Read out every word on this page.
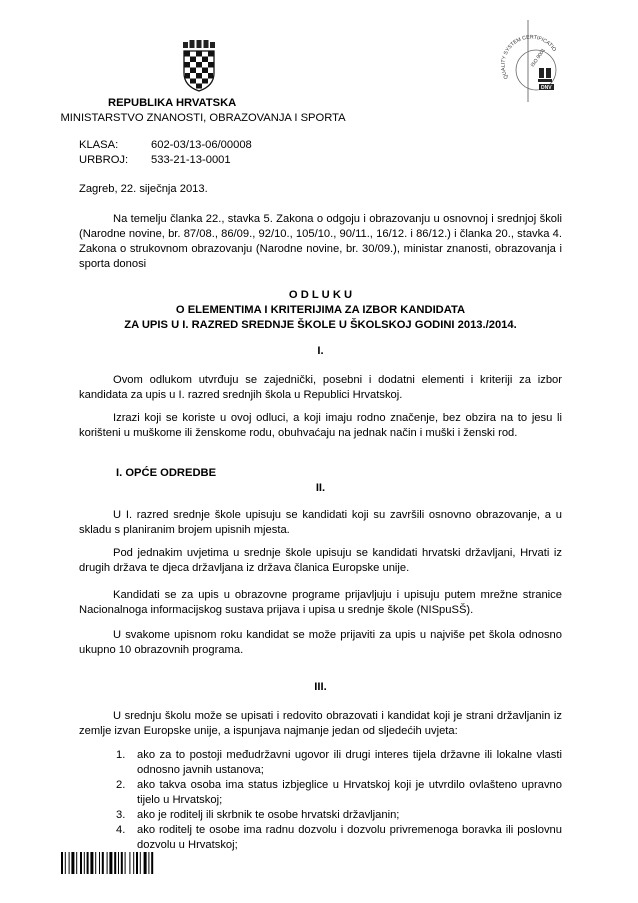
QUALITY SYSTEM CERTIFICATIO
ISO 9001
DNV
REPUBLIKA HRVATSKA
MINISTARSTVO ZNANOSTI, OBRAZOVANJA I SPORTA
KLASA:	602-03/13-06/00008
URBROJ: 533-21-13-0001
Zagreb, 22. siječnja 2013.
Na temelju članka 22., stavka 5. Zakona o odgoju i obrazovanju u osnovnoj i srednjoj školi (Narodne novine, br. 87/08., 86/09., 92/10., 105/10., 90/11., 16/12. i 86/12.) i članka 20., stavka 4. Zakona o strukovnom obrazovanju (Narodne novine, br. 30/09.), ministar znanosti, obrazovanja i sporta donosi
O D L U K U
O ELEMENTIMA I KRITERIJIMA ZA IZBOR KANDIDATA
ZA UPIS U I. RAZRED SREDNJE ŠKOLE U ŠKOLSKOJ GODINI 2013./2014.
I.
Ovom odlukom utvrđuju se zajednički, posebni i dodatni elementi i kriteriji za izbor kandidata za upis u I. razred srednjih škola u Republici Hrvatskoj.
Izrazi koji se koriste u ovoj odluci, a koji imaju rodno značenje, bez obzira na to jesu li korišteni u muškome ili ženskome rodu, obuhvaćaju na jednak način i muški i ženski rod.
I. OPĆE ODREDBE
II.
U I. razred srednje škole upisuju se kandidati koji su završili osnovno obrazovanje, a u skladu s planiranim brojem upisnih mjesta.
Pod jednakim uvjetima u srednje škole upisuju se kandidati hrvatski državljani, Hrvati iz drugih država te djeca državljana iz država članica Europske unije.
Kandidati se za upis u obrazovne programe prijavljuju i upisuju putem mrežne stranice Nacionalnoga informacijskog sustava prijava i upisa u srednje škole (NISpuSŠ).
U svakome upisnom roku kandidat se može prijaviti za upis u najviše pet škola odnosno ukupno 10 obrazovnih programa.
III.
U srednju školu može se upisati i redovito obrazovati i kandidat koji je strani državljanin iz zemlje izvan Europske unije, a ispunjava najmanje jedan od sljedećih uvjeta:
1. ako za to postoji međudržavni ugovor ili drugi interes tijela državne ili lokalne vlasti odnosno javnih ustanova;
2. ako takva osoba ima status izbjeglice u Hrvatskoj koji je utvrdilo ovlašteno upravno tijelo u Hrvatskoj;
3. ako je roditelj ili skrbnik te osobe hrvatski državljanin;
4. ako roditelj te osobe ima radnu dozvolu i dozvolu privremenoga boravka ili poslovnu dozvolu u Hrvatskoj;
